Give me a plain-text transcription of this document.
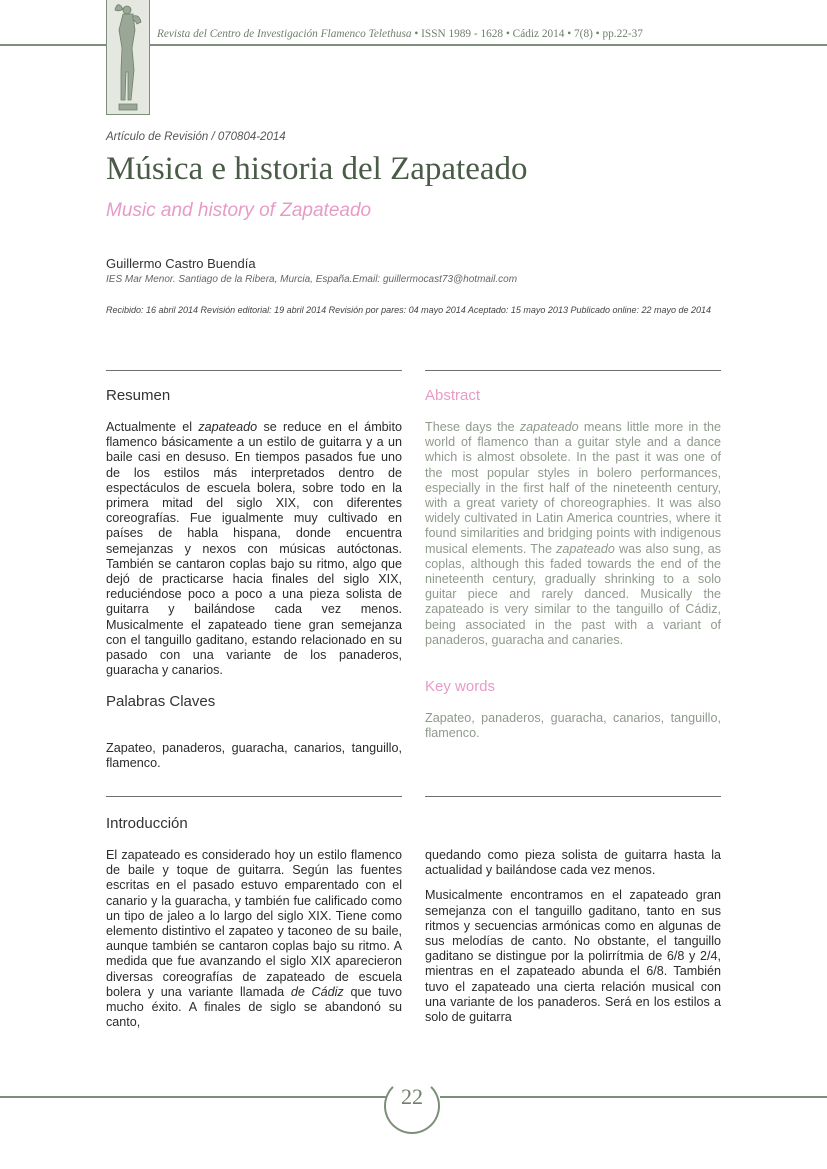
Revista del Centro de Investigación Flamenco Telethusa • ISSN 1989 - 1628 • Cádiz 2014 • 7(8) • pp.22-37
Artículo de Revisión / 070804-2014
Música e historia del Zapateado
Music and history of Zapateado
Guillermo Castro Buendía
IES Mar Menor. Santiago de la Ribera, Murcia, España.Email: guillermocast73@hotmail.com
Recibido: 16 abril 2014 Revisión editorial: 19 abril 2014 Revisión por pares: 04 mayo 2014 Aceptado: 15 mayo 2013 Publicado online: 22 mayo de 2014
Resumen	Abstract

Actualmente el zapateado se reduce en el ámbito flamenco básicamente a un estilo de guitarra y a un baile casi en desuso. En tiempos pasados fue uno de los estilos más interpretados dentro de espectáculos de escuela bolera, sobre todo en la primera mitad del siglo XIX, con diferentes coreografías. Fue igualmente muy cultivado en países de habla hispana, donde encuentra semejanzas y nexos con músicas autóctonas. También se cantaron coplas bajo su ritmo, algo que dejó de practicarse hacia finales del siglo XIX, reduciéndose poco a poco a una pieza solista de guitarra y bailándose cada vez menos. Musicalmente el zapateado tiene gran semejanza con el tanguillo gaditano, estando relacionado en su pasado con una variante de los panaderos, guaracha y canarios.

Palabras Claves

Zapateo, panaderos, guaracha, canarios, tanguillo, flamenco.

These days the zapateado means little more in the world of flamenco than a guitar style and a dance which is almost obsolete. In the past it was one of the most popular styles in bolero performances, especially in the first half of the nineteenth century, with a great variety of choreographies. It was also widely cultivated in Latin America countries, where it found similarities and bridging points with indigenous musical elements. The zapateado was also sung, as coplas, although this faded towards the end of the nineteenth century, gradually shrinking to a solo guitar piece and rarely danced. Musically the zapateado is very similar to the tanguillo of Cádiz, being associated in the past with a variant of panaderos, guaracha and canaries.

Key words

Zapateo, panaderos, guaracha, canarios, tanguillo, flamenco.

Introducción

El zapateado es considerado hoy un estilo flamenco de baile y toque de guitarra. Según las fuentes escritas en el pasado estuvo emparentado con el canario y la guaracha, y también fue calificado como un tipo de jaleo a lo largo del siglo XIX. Tiene como elemento distintivo el zapateo y taconeo de su baile, aunque también se cantaron coplas bajo su ritmo. A medida que fue avanzando el siglo XIX aparecieron diversas coreografías de zapateado de escuela bolera y una variante llamada de Cádiz que tuvo mucho éxito. A finales de siglo se abandonó su canto,

quedando como pieza solista de guitarra hasta la actualidad y bailándose cada vez menos.

Musicalmente encontramos en el zapateado gran semejanza con el tanguillo gaditano, tanto en sus ritmos y secuencias armónicas como en algunas de sus melodías de canto. No obstante, el tanguillo gaditano se distingue por la polirrítmia de 6/8 y 2/4, mientras en el zapateado abunda el 6/8. También tuvo el zapateado una cierta relación musical con una variante de los panaderos. Será en los estilos a solo de guitarra

22
